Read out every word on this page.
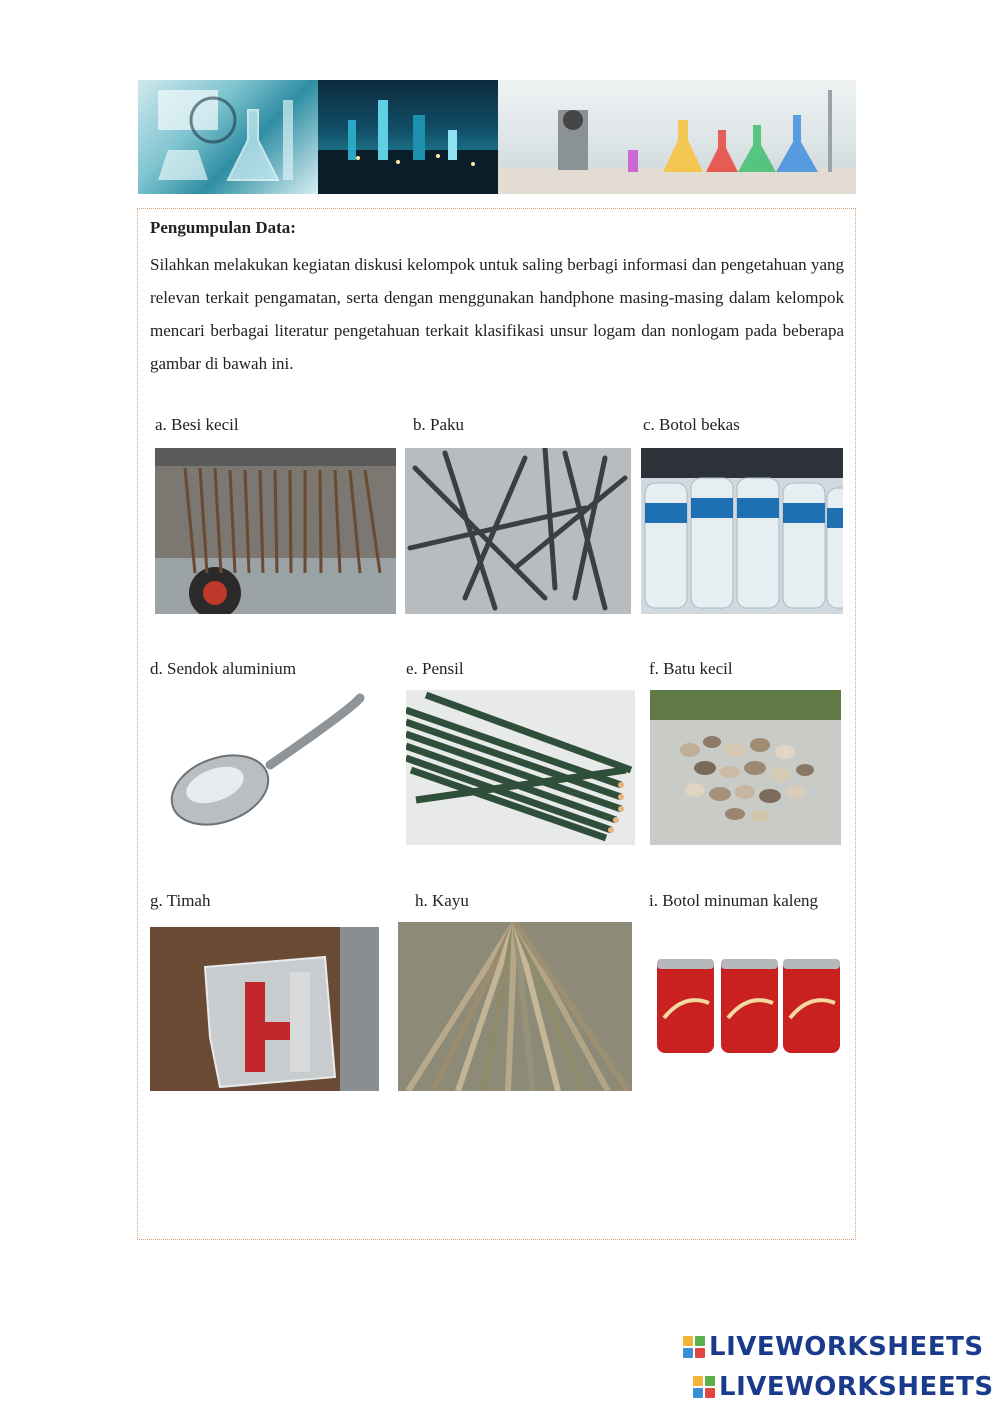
Pengumpulan Data:
Silahkan melakukan kegiatan diskusi kelompok untuk saling berbagi informasi dan pengetahuan yang relevan terkait pengamatan, serta dengan menggunakan handphone masing-masing dalam kelompok mencari berbagai literatur pengetahuan terkait klasifikasi unsur logam dan nonlogam pada beberapa gambar di bawah ini.
a. Besi kecil	b. Paku	c. Botol bekas
d. Sendok aluminium	e. Pensil	f. Batu kecil
g. Timah	h. Kayu	i. Botol minuman kaleng
LIVEWORKSHEETS
LIVEWORKSHEETS
